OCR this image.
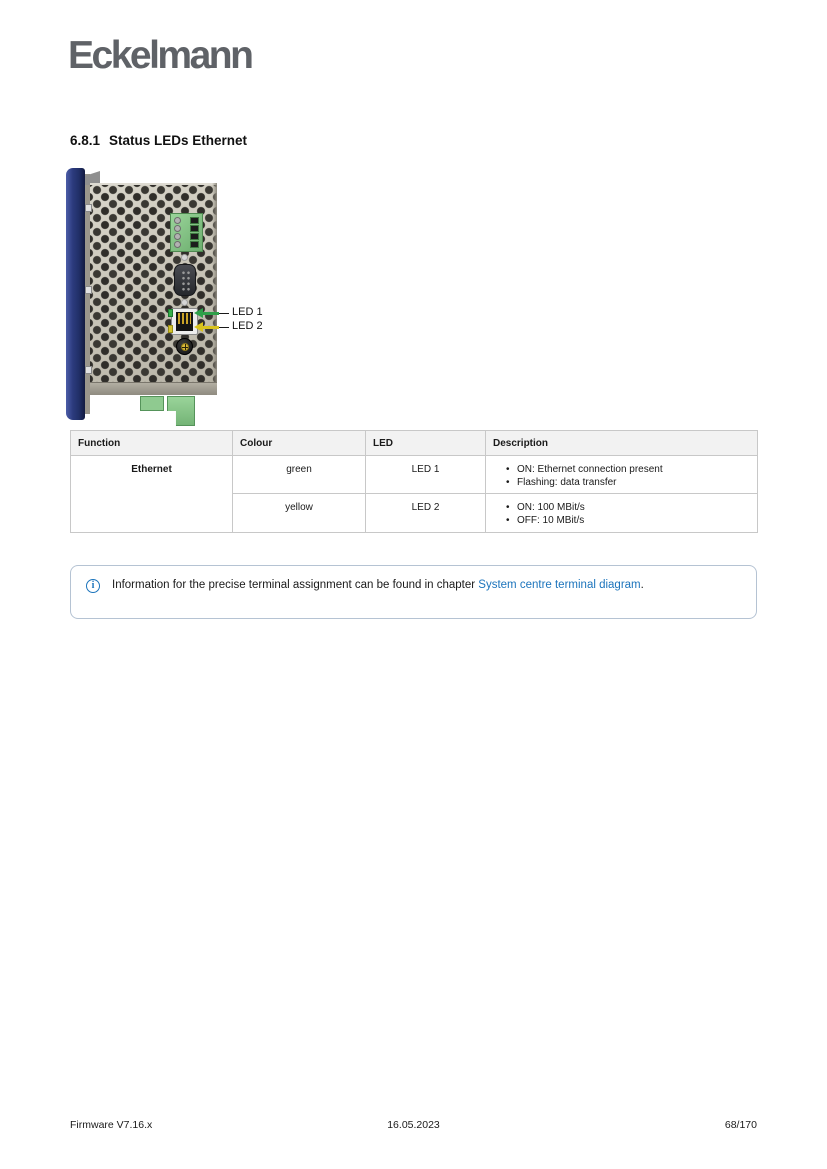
Eckelmann
6.8.1 Status LEDs Ethernet
LED 1
LED 2
Function	Colour	LED	Description
Ethernet	green	LED 1	
•ON: Ethernet connection present
• Flashing: data transfer

yellow	LED 2	
•ON: 100 MBit/s
• OFF: 10 MBit/s
i	Information for the precise terminal assignment can be found in chapter System centre terminal diagram.
Firmware V7.16.x	16.05.2023	68/170
